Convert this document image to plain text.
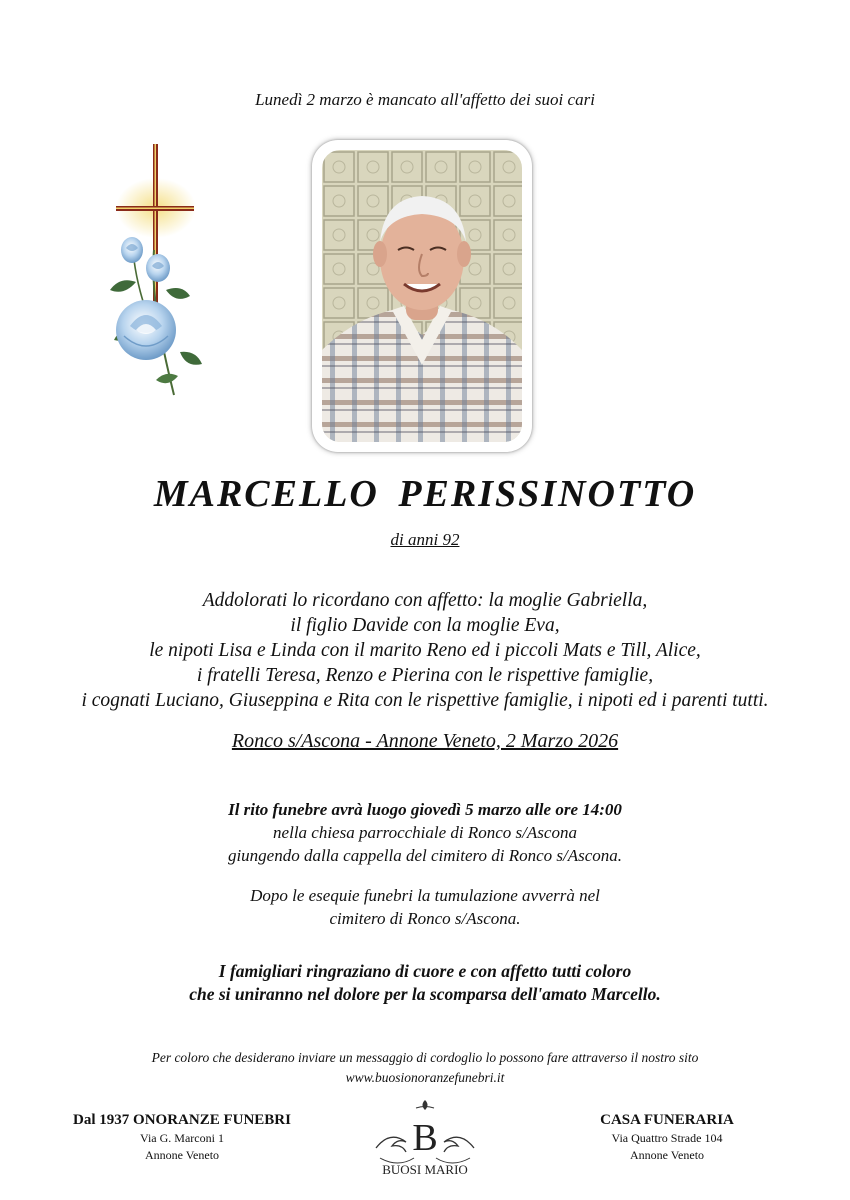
Lunedì 2 marzo è mancato all'affetto dei suoi cari
MARCELLO PERISSINOTTO
di anni 92
Addolorati lo ricordano con affetto: la moglie Gabriella,
il figlio Davide con la moglie Eva,
le nipoti Lisa e Linda con il marito Reno ed i piccoli Mats e Till, Alice,
i fratelli Teresa, Renzo e Pierina con le rispettive famiglie,
i cognati Luciano, Giuseppina e Rita con le rispettive famiglie, i nipoti ed i parenti tutti.
Ronco s/Ascona - Annone Veneto, 2 Marzo 2026
Il rito funebre avrà luogo giovedì 5 marzo alle ore 14:00
nella chiesa parrocchiale di Ronco s/Ascona
giungendo dalla cappella del cimitero di Ronco s/Ascona.
Dopo le esequie funebri la tumulazione avverrà nel
cimitero di Ronco s/Ascona.
I famigliari ringraziano di cuore e con affetto tutti coloro
che si uniranno nel dolore per la scomparsa dell'amato Marcello.
Per coloro che desiderano inviare un messaggio di cordoglio lo possono fare attraverso il nostro sito
www.buosionoranzefunebri.it
Dal 1937 ONORANZE FUNEBRI
Via G. Marconi 1
Annone Veneto	B
BUOSI MARIO
CASA FUNERARIA
Via Quattro Strade 104
Annone Veneto
